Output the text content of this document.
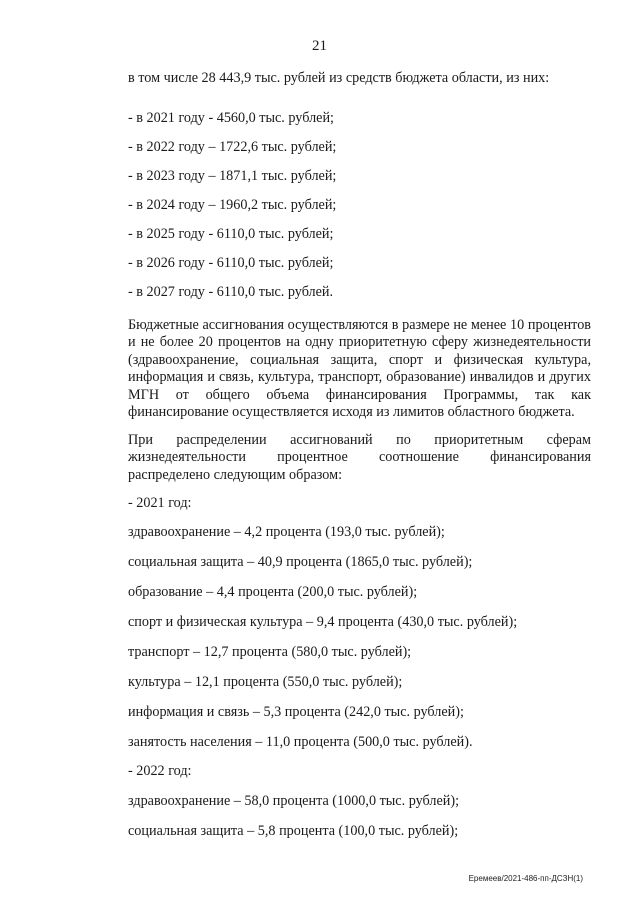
21
в том числе 28 443,9 тыс. рублей из средств бюджета области, из них:
- в 2021 году - 4560,0 тыс. рублей;
- в 2022 году – 1722,6 тыс. рублей;
- в 2023 году – 1871,1 тыс. рублей;
- в 2024 году – 1960,2 тыс. рублей;
- в 2025 году - 6110,0 тыс. рублей;
- в 2026 году - 6110,0 тыс. рублей;
- в 2027 году - 6110,0 тыс. рублей.
Бюджетные ассигнования осуществляются в размере не менее 10 процентов и не более 20 процентов на одну приоритетную сферу жизнедеятельности (здравоохранение, социальная защита, спорт и физическая культура, информация и связь, культура, транспорт, образование) инвалидов и других МГН от общего объема финансирования Программы, так как финансирование осуществляется исходя из лимитов областного бюджета.
При распределении ассигнований по приоритетным сферам жизнедеятельности процентное соотношение финансирования распределено следующим образом:
- 2021 год:
здравоохранение – 4,2 процента (193,0 тыс. рублей);
социальная защита – 40,9 процента (1865,0 тыс. рублей);
образование – 4,4 процента (200,0 тыс. рублей);
спорт и физическая культура – 9,4 процента (430,0 тыс. рублей);
транспорт – 12,7 процента (580,0 тыс. рублей);
культура – 12,1 процента (550,0 тыс. рублей);
информация и связь – 5,3 процента (242,0 тыс. рублей);
занятость населения – 11,0 процента (500,0 тыс. рублей).
- 2022 год:
здравоохранение – 58,0 процента (1000,0 тыс. рублей);
социальная защита – 5,8 процента (100,0 тыс. рублей);
Еремеев/2021-486-пп-ДСЗН(1)
